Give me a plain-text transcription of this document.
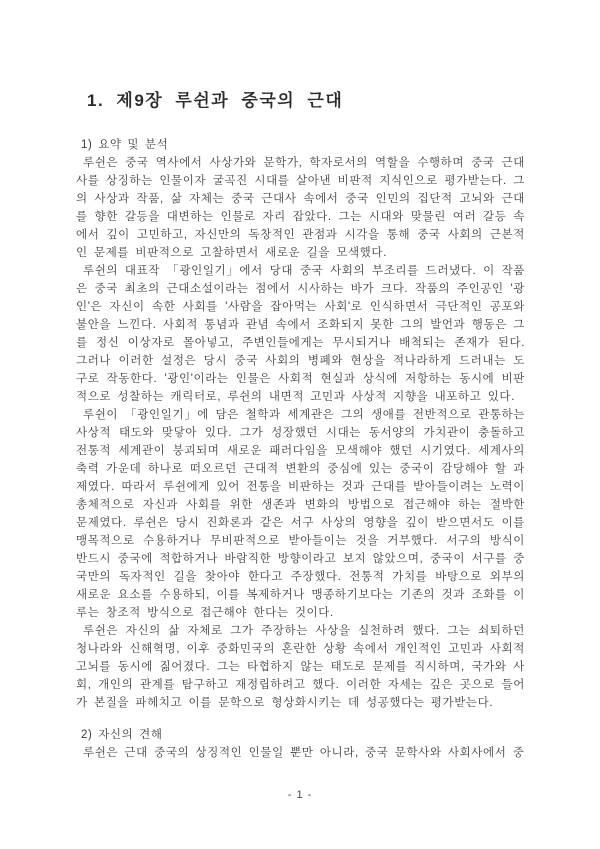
1. 제9장 루쉰과 중국의 근대
1) 요약 및 분석

루쉰은 중국 역사에서 사상가와 문학가, 학자로서의 역할을 수행하며 중국 근대사를 상징하는 인물이자 굴곡진 시대를 살아낸 비판적 지식인으로 평가받는다. 그의 사상과 작품, 삶 자체는 중국 근대사 속에서 중국 인민의 집단적 고뇌와 근대를 향한 갈등을 대변하는 인물로 자리 잡았다. 그는 시대와 맞물린 여러 갈등 속에서 깊이 고민하고, 자신만의 독창적인 관점과 시각을 통해 중국 사회의 근본적인 문제를 비판적으로 고찰하면서 새로운 길을 모색했다.

루쉰의 대표작 「광인일기」에서 당대 중국 사회의 부조리를 드러냈다. 이 작품은 중국 최초의 근대소설이라는 점에서 시사하는 바가 크다. 작품의 주인공인 '광인'은 자신이 속한 사회를 '사람을 잡아먹는 사회'로 인식하면서 극단적인 공포와 불안을 느낀다. 사회적 통념과 관념 속에서 조화되지 못한 그의 발언과 행동은 그를 정신 이상자로 몰아넣고, 주변인들에게는 무시되거나 배척되는 존재가 된다. 그러나 이러한 설정은 당시 중국 사회의 병폐와 현상을 적나라하게 드러내는 도구로 작동한다. '광인'이라는 인물은 사회적 현실과 상식에 저항하는 동시에 비판적으로 성찰하는 캐릭터로, 루쉰의 내면적 고민과 사상적 지향을 내포하고 있다.

루쉰이 「광인일기」에 담은 철학과 세계관은 그의 생애를 전반적으로 관통하는 사상적 태도와 맞닿아 있다. 그가 성장했던 시대는 동서양의 가치관이 충돌하고 전통적 세계관이 붕괴되며 새로운 패러다임을 모색해야 했던 시기였다. 세계사의 축력 가운데 하나로 떠오르던 근대적 변환의 중심에 있는 중국이 감당해야 할 과제였다. 따라서 루쉰에게 있어 전통을 비판하는 것과 근대를 받아들이려는 노력이 총체적으로 자신과 사회를 위한 생존과 변화의 방법으로 접근해야 하는 절박한 문제였다. 루쉰은 당시 진화론과 같은 서구 사상의 영향을 깊이 받으면서도 이를 맹목적으로 수용하거나 무비판적으로 받아들이는 것을 거부했다. 서구의 방식이 반드시 중국에 적합하거나 바람직한 방향이라고 보지 않았으며, 중국이 서구를 중국만의 독자적인 길을 찾아야 한다고 주장했다. 전통적 가치를 바탕으로 외부의 새로운 요소를 수용하되, 이를 복제하거나 맹종하기보다는 기존의 것과 조화를 이루는 창조적 방식으로 접근해야 한다는 것이다.

루쉰은 자신의 삶 자체로 그가 주장하는 사상을 실천하려 했다. 그는 쇠퇴하던 청나라와 신해혁명, 이후 중화민국의 혼란한 상황 속에서 개인적인 고민과 사회적 고뇌를 동시에 짊어졌다. 그는 타협하지 않는 태도로 문제를 직시하며, 국가와 사회, 개인의 관계를 탐구하고 재정립하려고 했다. 이러한 자세는 깊은 곳으로 들어가 본질을 파헤치고 이를 문학으로 형상화시키는 데 성공했다는 평가받는다.

2) 자신의 견해

루쉰은 근대 중국의 상징적인 인물일 뿐만 아니라, 중국 문학사와 사회사에서 중

- 1 -
